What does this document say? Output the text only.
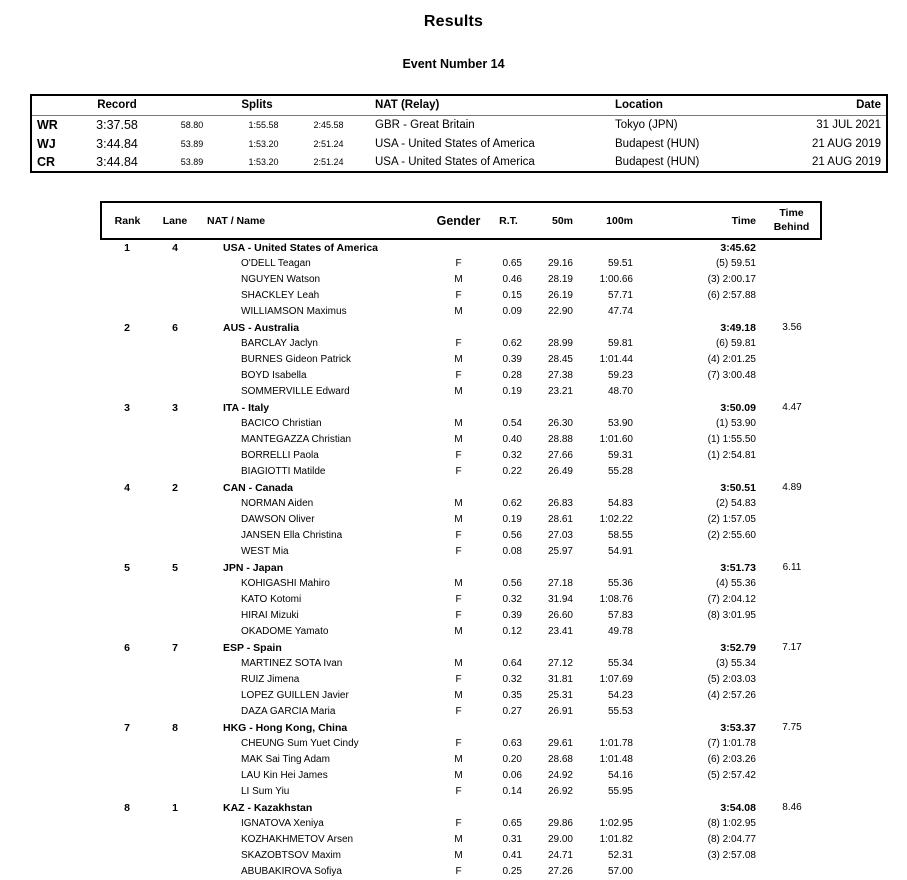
Results
Event Number 14
	Record	Splits			NAT (Relay)	Location	Date
WR	3:37.58	58.80	1:55.58	2:45.58	GBR - Great Britain	Tokyo (JPN)	31 JUL 2021
WJ	3:44.84	53.89	1:53.20	2:51.24	USA - United States of America	Budapest (HUN)	21 AUG 2019
CR	3:44.84	53.89	1:53.20	2:51.24	USA - United States of America	Budapest (HUN)	21 AUG 2019
Rank	Lane	NAT / Name	Gender	R.T.	50m	100m	Time	Time Behind

1	4	USA - United States of America					3:45.62	
		O'DELL Teagan	F	0.65	29.16	59.51	(5) 59.51	
		NGUYEN Watson	M	0.46	28.19	1:00.66	(3) 2:00.17	
		SHACKLEY Leah	F	0.15	26.19	57.71	(6) 2:57.88	
		WILLIAMSON Maximus	M	0.09	22.90	47.74		
2	6	AUS - Australia					3:49.18	3.56
		BARCLAY Jaclyn	F	0.62	28.99	59.81	(6) 59.81	
		BURNES Gideon Patrick	M	0.39	28.45	1:01.44	(4) 2:01.25	
		BOYD Isabella	F	0.28	27.38	59.23	(7) 3:00.48	
		SOMMERVILLE Edward	M	0.19	23.21	48.70		
3	3	ITA - Italy					3:50.09	4.47
		BACICO Christian	M	0.54	26.30	53.90	(1) 53.90	
		MANTEGAZZA Christian	M	0.40	28.88	1:01.60	(1) 1:55.50	
		BORRELLI Paola	F	0.32	27.66	59.31	(1) 2:54.81	
		BIAGIOTTI Matilde	F	0.22	26.49	55.28		
4	2	CAN - Canada					3:50.51	4.89
		NORMAN Aiden	M	0.62	26.83	54.83	(2) 54.83	
		DAWSON Oliver	M	0.19	28.61	1:02.22	(2) 1:57.05	
		JANSEN Ella Christina	F	0.56	27.03	58.55	(2) 2:55.60	
		WEST Mia	F	0.08	25.97	54.91		
5	5	JPN - Japan					3:51.73	6.11
		KOHIGASHI Mahiro	M	0.56	27.18	55.36	(4) 55.36	
		KATO Kotomi	F	0.32	31.94	1:08.76	(7) 2:04.12	
		HIRAI Mizuki	F	0.39	26.60	57.83	(8) 3:01.95	
		OKADOME Yamato	M	0.12	23.41	49.78		
6	7	ESP - Spain					3:52.79	7.17
		MARTINEZ SOTA Ivan	M	0.64	27.12	55.34	(3) 55.34	
		RUIZ Jimena	F	0.32	31.81	1:07.69	(5) 2:03.03	
		LOPEZ GUILLEN Javier	M	0.35	25.31	54.23	(4) 2:57.26	
		DAZA GARCIA Maria	F	0.27	26.91	55.53		
7	8	HKG - Hong Kong, China					3:53.37	7.75
		CHEUNG Sum Yuet Cindy	F	0.63	29.61	1:01.78	(7) 1:01.78	
		MAK Sai Ting Adam	M	0.20	28.68	1:01.48	(6) 2:03.26	
		LAU Kin Hei James	M	0.06	24.92	54.16	(5) 2:57.42	
		LI Sum Yiu	F	0.14	26.92	55.95		
8	1	KAZ - Kazakhstan					3:54.08	8.46
		IGNATOVA Xeniya	F	0.65	29.86	1:02.95	(8) 1:02.95	
		KOZHAKHMETOV Arsen	M	0.31	29.00	1:01.82	(8) 2:04.77	
		SKAZOBTSOV Maxim	M	0.41	24.71	52.31	(3) 2:57.08	
		ABUBAKIROVA Sofiya	F	0.25	27.26	57.00		
